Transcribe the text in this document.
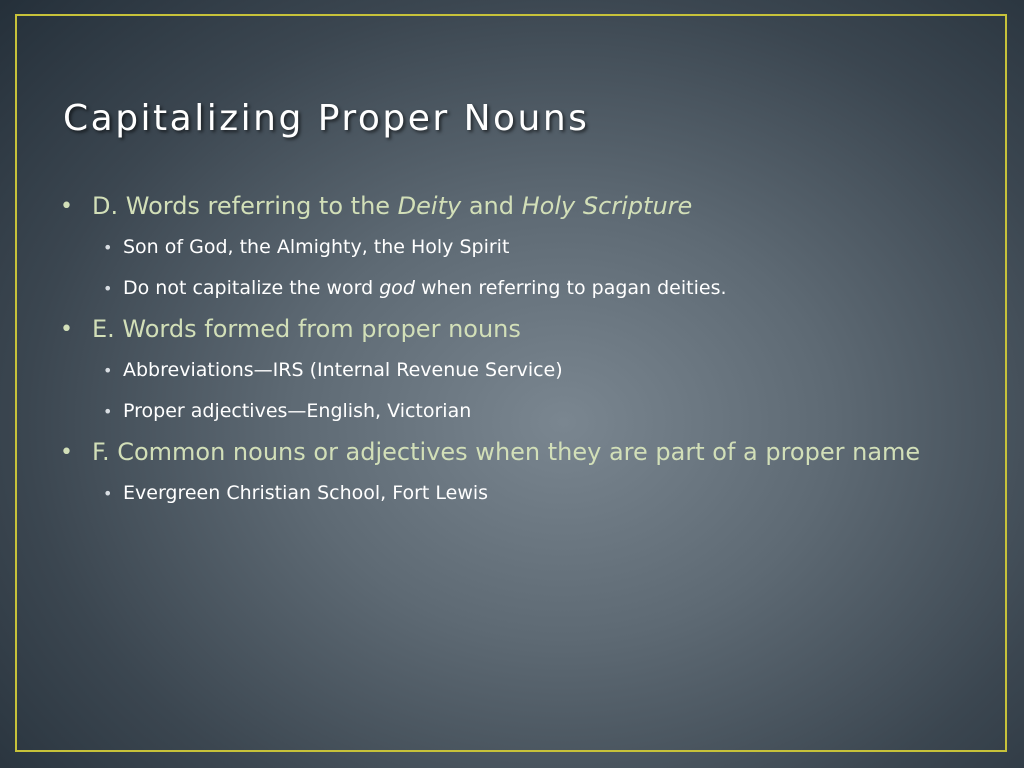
Capitalizing Proper Nouns
• D. Words referring to the Deity and Holy Scripture
• Son of God, the Almighty, the Holy Spirit
• Do not capitalize the word god when referring to pagan deities.
• E. Words formed from proper nouns
• Abbreviations—IRS (Internal Revenue Service)
• Proper adjectives—English, Victorian
• F. Common nouns or adjectives when they are part of a proper name
• Evergreen Christian School, Fort Lewis
